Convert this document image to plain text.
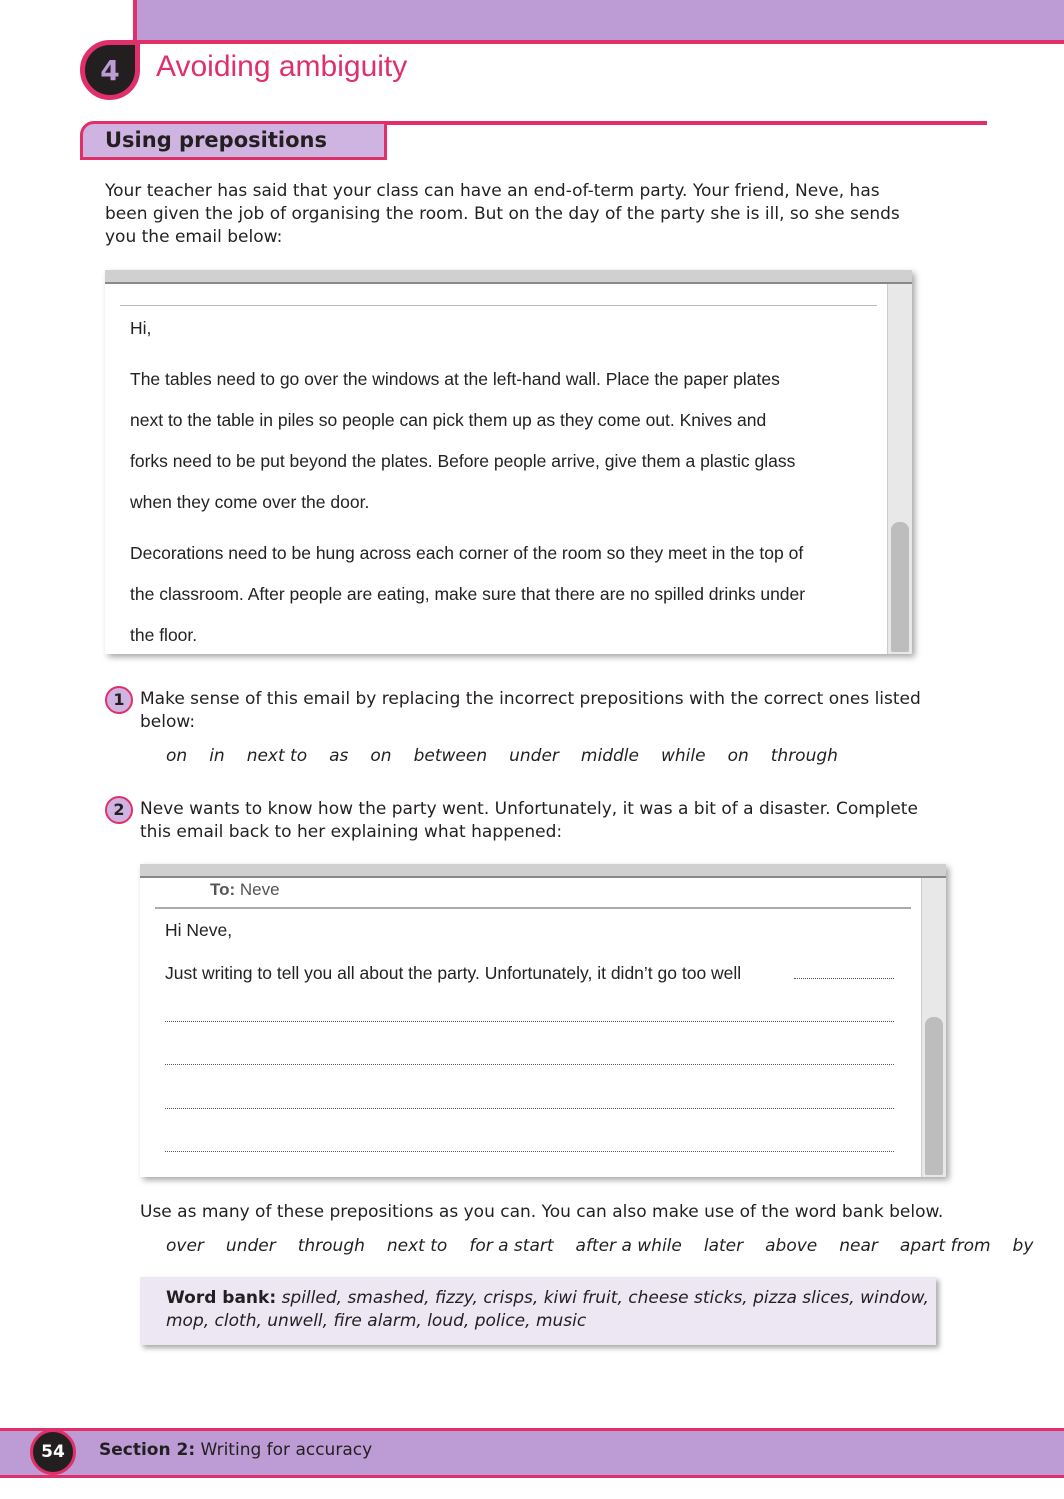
4	Avoiding ambiguity
Using prepositions

Your teacher has said that your class can have an end-of-term party. Your friend, Neve, has been given the job of organising the room. But on the day of the party she is ill, so she sends you the email below:

Hi,

The tables need to go over the windows at the left-hand wall. Place the paper plates

next to the table in piles so people can pick them up as they come out. Knives and

forks need to be put beyond the plates. Before people arrive, give them a plastic glass

when they come over the door.

Decorations need to be hung across each corner of the room so they meet in the top of

the classroom. After people are eating, make sure that there are no spilled drinks under

the floor.

1 Make sense of this email by replacing the incorrect prepositions with the correct ones listed below:
on in next to as on between under middle while on through
2 Neve wants to know how the party went. Unfortunately, it was a bit of a disaster. Complete this email back to her explaining what happened:
To: Neve
Hi Neve,
Just writing to tell you all about the party. Unfortunately, it didn’t go too well
Use as many of these prepositions as you can. You can also make use of the word bank below.
over under through next to for a start after a while later above near apart from by
Word bank: spilled, smashed, fizzy, crisps, kiwi fruit, cheese sticks, pizza slices, window, mop, cloth, unwell, fire alarm, loud, police, music
54	Section 2: Writing for accuracy
